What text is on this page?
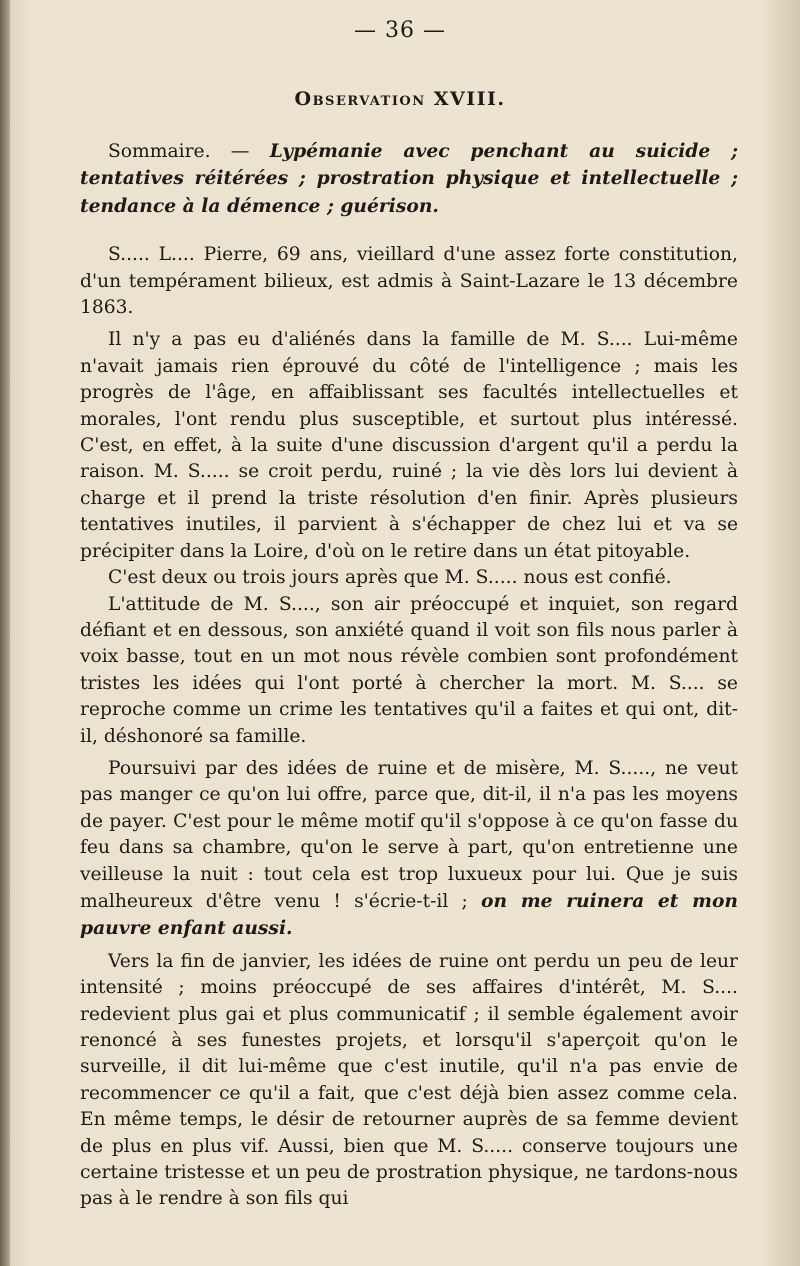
— 36 —
Observation XVIII.

Sommaire. — Lypémanie avec penchant au suicide ; tentatives réitérées ; prostration physique et intellectuelle ; tendance à la démence ; guérison.

S..... L.... Pierre, 69 ans, vieillard d'une assez forte constitution, d'un tempérament bilieux, est admis à Saint-Lazare le 13 décembre 1863.

Il n'y a pas eu d'aliénés dans la famille de M. S.... Lui-même n'avait jamais rien éprouvé du côté de l'intelligence ; mais les progrès de l'âge, en affaiblissant ses facultés intellectuelles et morales, l'ont rendu plus susceptible, et surtout plus intéressé. C'est, en effet, à la suite d'une discussion d'argent qu'il a perdu la raison. M. S..... se croit perdu, ruiné ; la vie dès lors lui devient à charge et il prend la triste résolution d'en finir. Après plusieurs tentatives inutiles, il parvient à s'échapper de chez lui et va se précipiter dans la Loire, d'où on le retire dans un état pitoyable.

C'est deux ou trois jours après que M. S..... nous est confié.

L'attitude de M. S...., son air préoccupé et inquiet, son regard défiant et en dessous, son anxiété quand il voit son fils nous parler à voix basse, tout en un mot nous révèle combien sont profondément tristes les idées qui l'ont porté à chercher la mort. M. S.... se reproche comme un crime les tentatives qu'il a faites et qui ont, dit-il, déshonoré sa famille.

Poursuivi par des idées de ruine et de misère, M. S....., ne veut pas manger ce qu'on lui offre, parce que, dit-il, il n'a pas les moyens de payer. C'est pour le même motif qu'il s'oppose à ce qu'on fasse du feu dans sa chambre, qu'on le serve à part, qu'on entretienne une veilleuse la nuit : tout cela est trop luxueux pour lui. Que je suis malheureux d'être venu ! s'écrie-t-il ; on me ruinera et mon pauvre enfant aussi.

Vers la fin de janvier, les idées de ruine ont perdu un peu de leur intensité ; moins préoccupé de ses affaires d'intérêt, M. S.... redevient plus gai et plus communicatif ; il semble également avoir renoncé à ses funestes projets, et lorsqu'il s'aperçoit qu'on le surveille, il dit lui-même que c'est inutile, qu'il n'a pas envie de recommencer ce qu'il a fait, que c'est déjà bien assez comme cela. En même temps, le désir de retourner auprès de sa femme devient de plus en plus vif. Aussi, bien que M. S..... conserve toujours une certaine tristesse et un peu de prostration physique, ne tardons-nous pas à le rendre à son fils qui
